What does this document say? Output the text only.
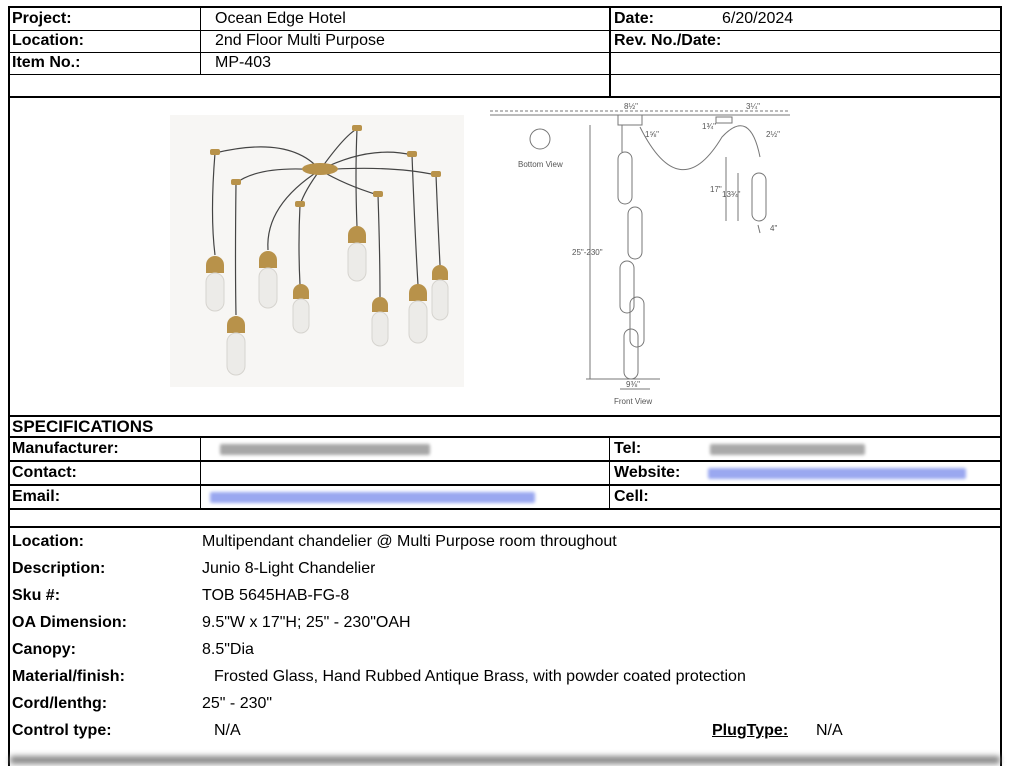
Project:	Ocean Edge Hotel	Date:	6/20/2024
Location:	2nd Floor Multi Purpose	Rev. No./Date:
Item No.:	MP-403
Bottom View
Front View
8½"	3¼"
1¾"
1⅝"	2½"
25"-230"
17"
13¾"
4"
9⅜"
SPECIFICATIONS
Manufacturer:	Tel:
Contact:	Website:
Email:	Cell:
Location:	Multipendant chandelier @ Multi Purpose room throughout
Description:	Junio 8-Light Chandelier
Sku #:	TOB 5645HAB-FG-8
OA Dimension:	9.5"W x 17"H; 25" - 230"OAH
Canopy:	8.5"Dia
Material/finish:	Frosted Glass, Hand Rubbed Antique Brass, with powder coated protection
Cord/lenthg:	25" - 230"
Control type:	N/A	PlugType: N/A
